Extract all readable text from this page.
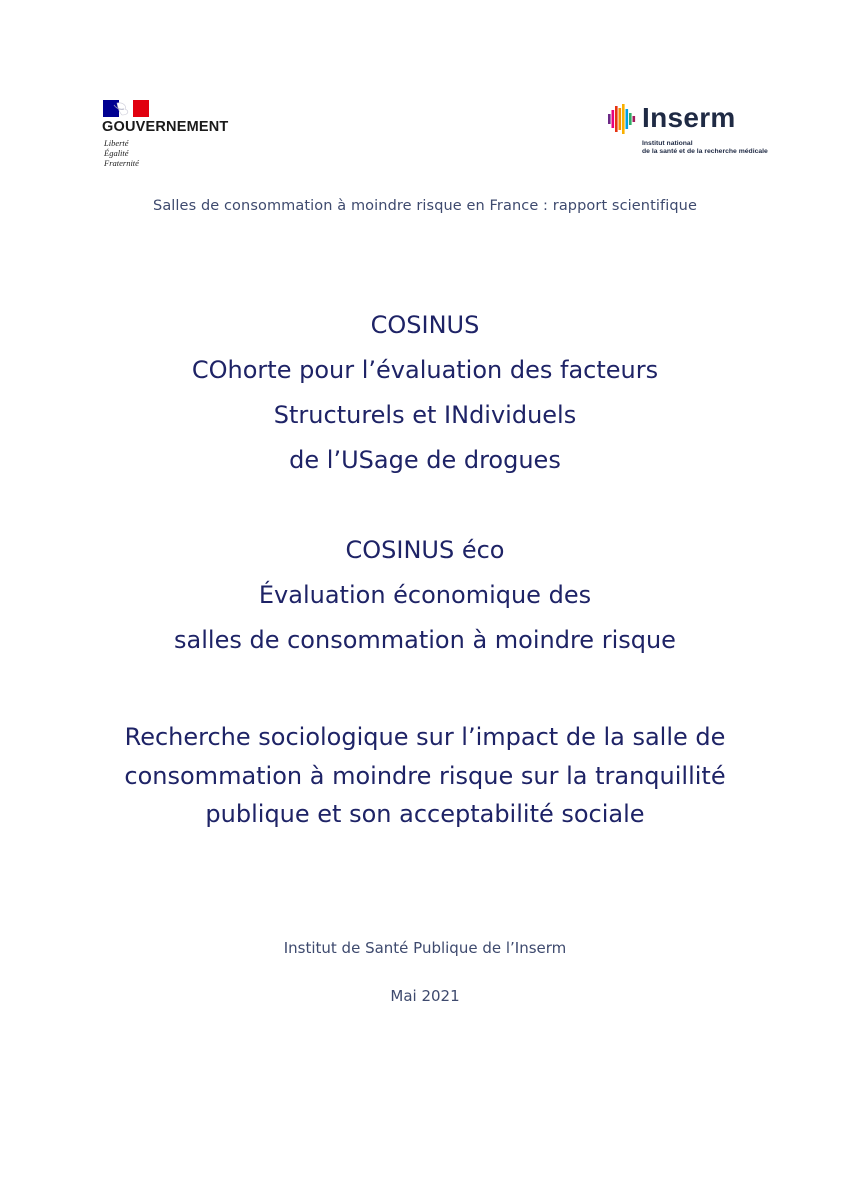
GOUVERNEMENT
Liberté
Égalité
Fraternité
Inserm
Institut national
de la santé et de la recherche médicale
Salles de consommation à moindre risque en France : rapport scientifique
COSINUS
COhorte pour l’évaluation des facteurs
Structurels et INdividuels
de l’USage de drogues
COSINUS éco
Évaluation économique des
salles de consommation à moindre risque
Recherche sociologique sur l’impact de la salle de
consommation à moindre risque sur la tranquillité
publique et son acceptabilité sociale
Institut de Santé Publique de l’Inserm
Mai 2021
